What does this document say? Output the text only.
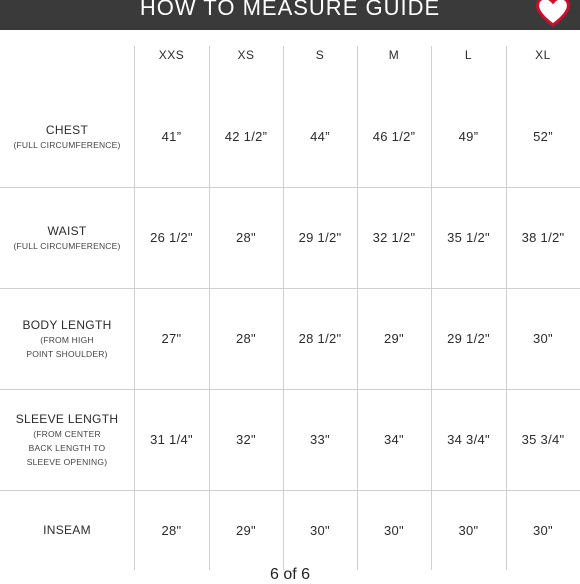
HOW TO MEASURE GUIDE
XXS	XS	S	M	L	XL
CHEST
(FULL CIRCUMFERENCE)
41”	42 1/2”	44”	46 1/2”	49”	52”
WAIST
(FULL CIRCUMFERENCE)
26 1/2"	28"	29 1/2"	32 1/2"	35 1/2"	38 1/2"
BODY LENGTH
(FROM HIGH
POINT SHOULDER)
27"	28"	28 1/2"	29"	29 1/2"	30"
SLEEVE LENGTH
(FROM CENTER
BACK LENGTH TO
SLEEVE OPENING)
31 1/4"	32"	33"	34"	34 3/4"	35 3/4"
INSEAM	28"	29"	30"	30"	30"	30"
6 of 6
